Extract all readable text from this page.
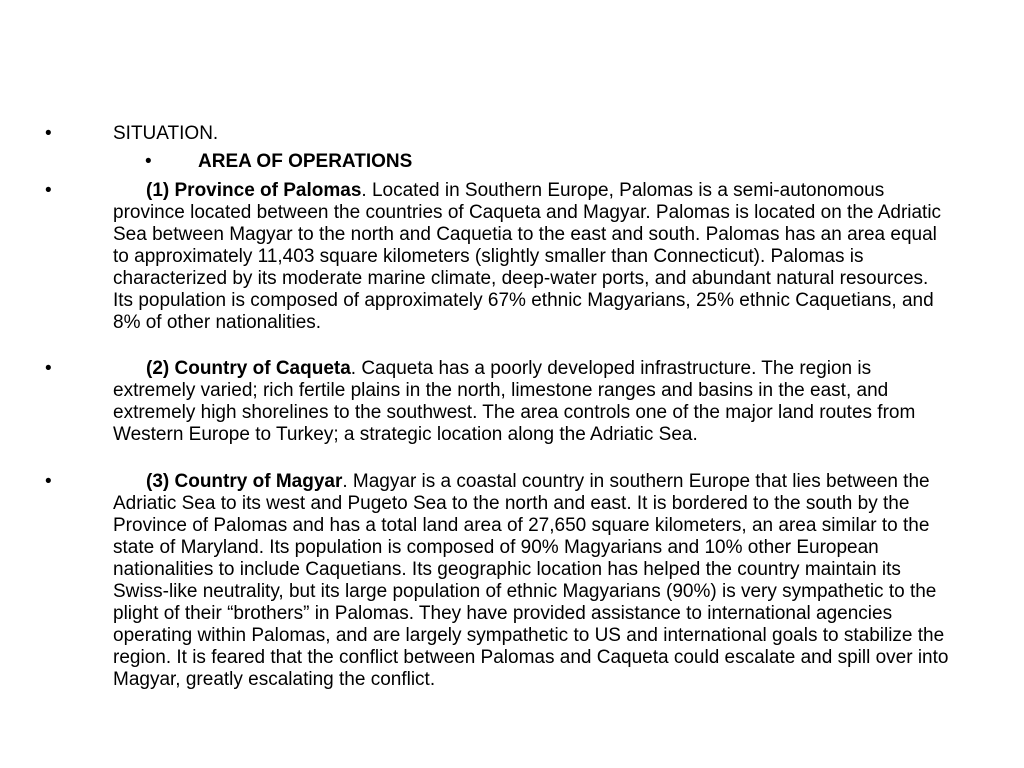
•	SITUATION.
• AREA OF OPERATIONS
•	(1) Province of Palomas. Located in Southern Europe, Palomas is a semi-autonomous province located between the countries of Caqueta and Magyar. Palomas is located on the Adriatic Sea between Magyar to the north and Caquetia to the east and south. Palomas has an area equal to approximately 11,403 square kilometers (slightly smaller than Connecticut). Palomas is characterized by its moderate marine climate, deep-water ports, and abundant natural resources. Its population is composed of approximately 67% ethnic Magyarians, 25% ethnic Caquetians, and 8% of other nationalities.
•	(2) Country of Caqueta. Caqueta has a poorly developed infrastructure. The region is extremely varied; rich fertile plains in the north, limestone ranges and basins in the east, and extremely high shorelines to the southwest. The area controls one of the major land routes from Western Europe to Turkey; a strategic location along the Adriatic Sea.
•	(3) Country of Magyar. Magyar is a coastal country in southern Europe that lies between the Adriatic Sea to its west and Pugeto Sea to the north and east. It is bordered to the south by the Province of Palomas and has a total land area of 27,650 square kilometers, an area similar to the state of Maryland. Its population is composed of 90% Magyarians and 10% other European nationalities to include Caquetians. Its geographic location has helped the country maintain its Swiss-like neutrality, but its large population of ethnic Magyarians (90%) is very sympathetic to the plight of their “brothers” in Palomas. They have provided assistance to international agencies operating within Palomas, and are largely sympathetic to US and international goals to stabilize the region. It is feared that the conflict between Palomas and Caqueta could escalate and spill over into Magyar, greatly escalating the conflict.
